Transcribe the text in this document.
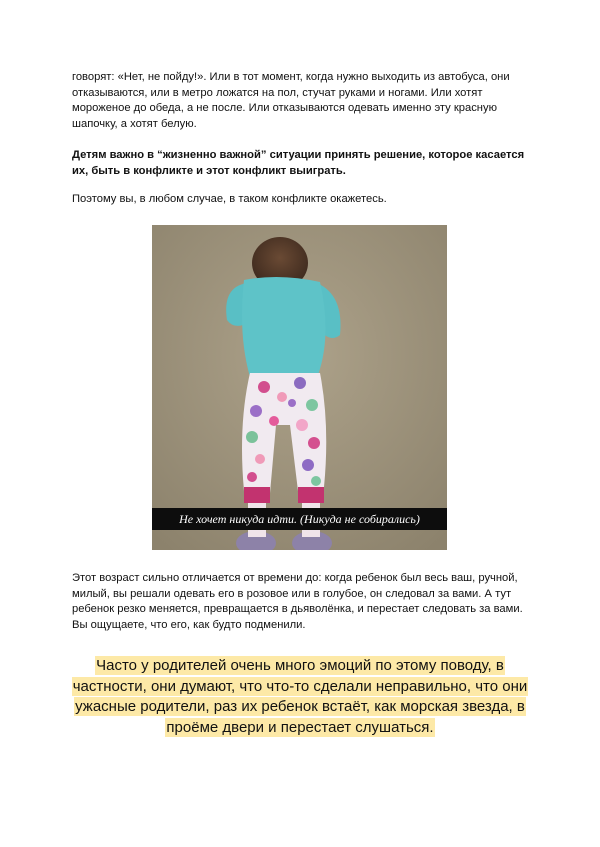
говорят: «Нет, не пойду!». Или в тот момент, когда нужно выходить из автобуса, они отказываются, или в метро ложатся на пол, стучат руками и ногами. Или хотят мороженое до обеда, а не после. Или отказываются одевать именно эту красную шапочку, а хотят белую.

Детям важно в “жизненно важной” ситуации принять решение, которое касается их, быть в конфликте и этот конфликт выиграть.

Поэтому вы, в любом случае, в таком конфликте окажетесь.

Не хочет никуда идти. (Никуда не собирались)

Этот возраст сильно отличается от времени до: когда ребенок был весь ваш, ручной, милый, вы решали одевать его в розовое или в голубое, он следовал за вами. А тут ребенок резко меняется, превращается в дьяволёнка, и перестает следовать за вами. Вы ощущаете, что его, как будто подменили.

Часто у родителей очень много эмоций по этому поводу, в частности, они думают, что что-то сделали неправильно, что они ужасные родители, раз их ребенок встаёт, как морская звезда, в проёме двери и перестает слушаться.
